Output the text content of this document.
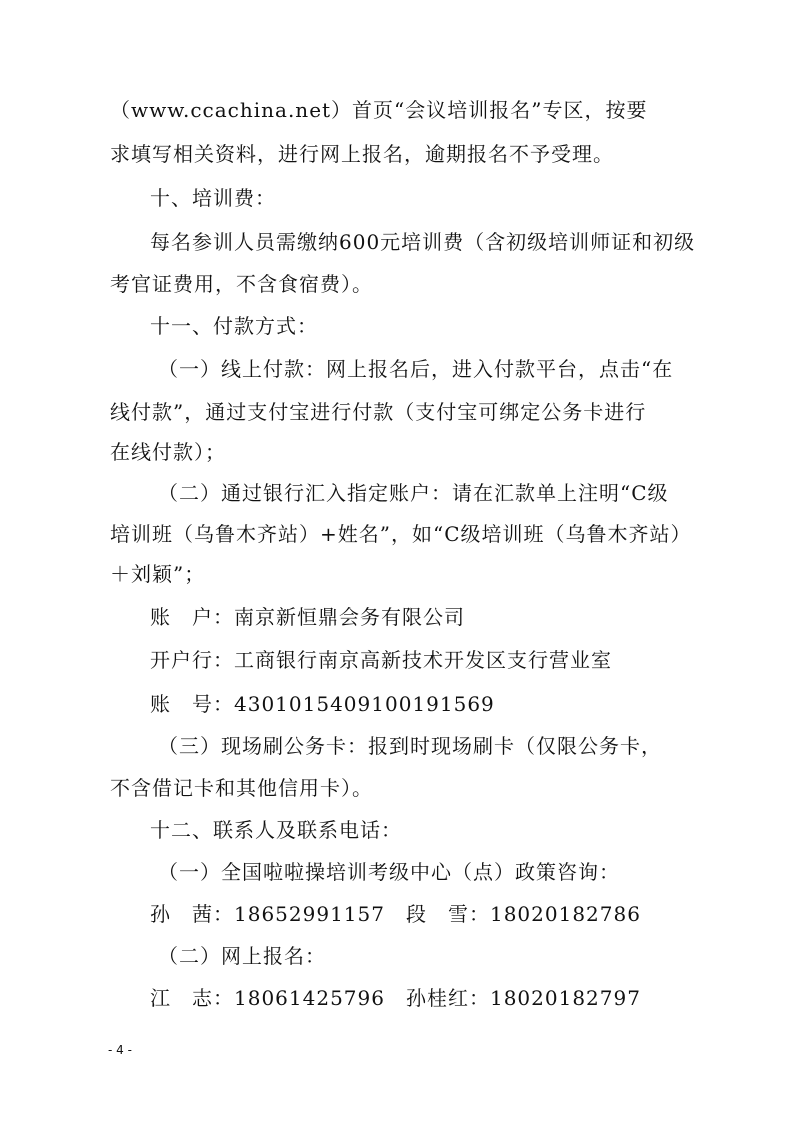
（www.ccachina.net）首页“会议培训报名”专区，按要
求填写相关资料，进行网上报名，逾期报名不予受理。
十、培训费：
每名参训人员需缴纳600元培训费（含初级培训师证和初级
考官证费用，不含食宿费）。
十一、付款方式：
（一）线上付款：网上报名后，进入付款平台，点击“在
线付款”，通过支付宝进行付款（支付宝可绑定公务卡进行
在线付款）；
（二）通过银行汇入指定账户：请在汇款单上注明“C级
培训班（乌鲁木齐站）+姓名”，如“C级培训班（乌鲁木齐站）
＋刘颖”；
账　户：南京新恒鼎会务有限公司
开户行：工商银行南京高新技术开发区支行营业室
账　号：4301015409100191569
（三）现场刷公务卡：报到时现场刷卡（仅限公务卡，
不含借记卡和其他信用卡）。
十二、联系人及联系电话：
（一）全国啦啦操培训考级中心（点）政策咨询：
孙　茜：18652991157　段　雪：18020182786
（二）网上报名：
江　志：18061425796　孙桂红：18020182797
- 4 -
